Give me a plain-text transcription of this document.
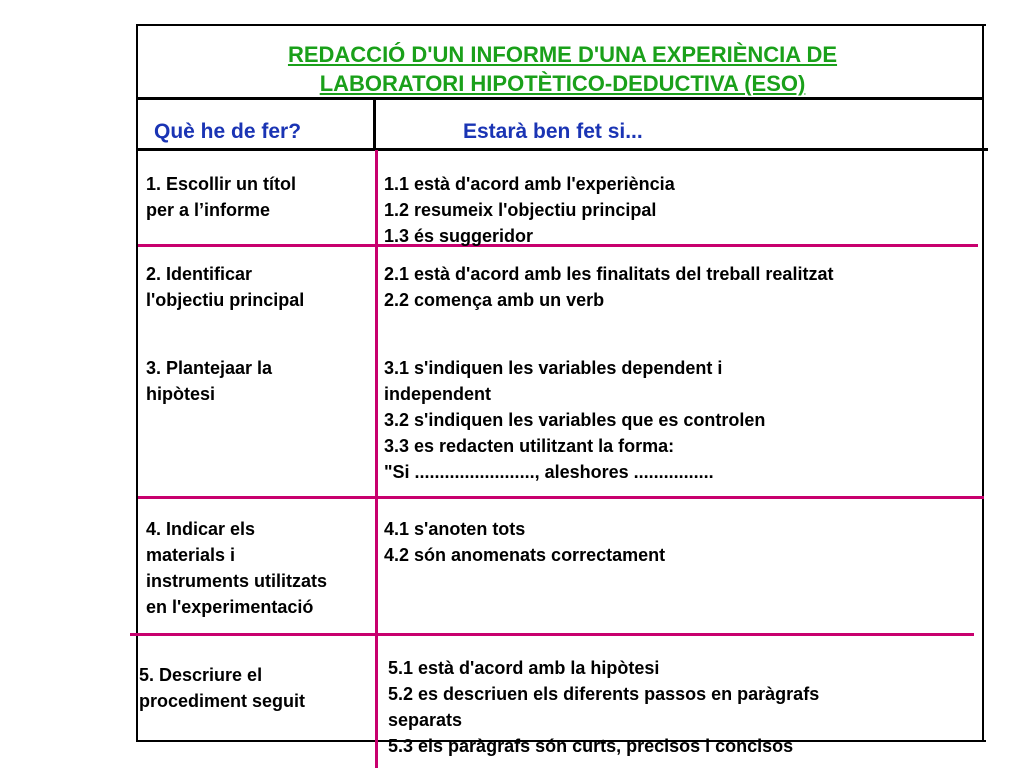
REDACCIÓ D'UN INFORME D'UNA EXPERIÈNCIA DE
LABORATORI HIPOTÈTICO-DEDUCTIVA (ESO)
Què he de fer?	Estarà ben fet si...
1. Escollir un títol
per a l’informe
1.1 està d'acord amb l'experiència
1.2 resumeix l'objectiu principal
1.3 és suggeridor
2. Identificar
l'objectiu principal
2.1 està d'acord amb les finalitats del treball realitzat
2.2 comença amb un verb
3. Plantejaar la
hipòtesi
3.1 s'indiquen les variables dependent i
independent
3.2 s'indiquen les variables que es controlen
3.3 es redacten utilitzant la forma:
"Si ........................, aleshores ................
4. Indicar els
materials i
instruments utilitzats
en l'experimentació
4.1 s'anoten tots
4.2 són anomenats correctament
5. Descriure el
procediment seguit
5.1 està d'acord amb la hipòtesi
5.2 es descriuen els diferents passos en paràgrafs
separats
5.3 els paràgrafs són curts, precisos i concisos
